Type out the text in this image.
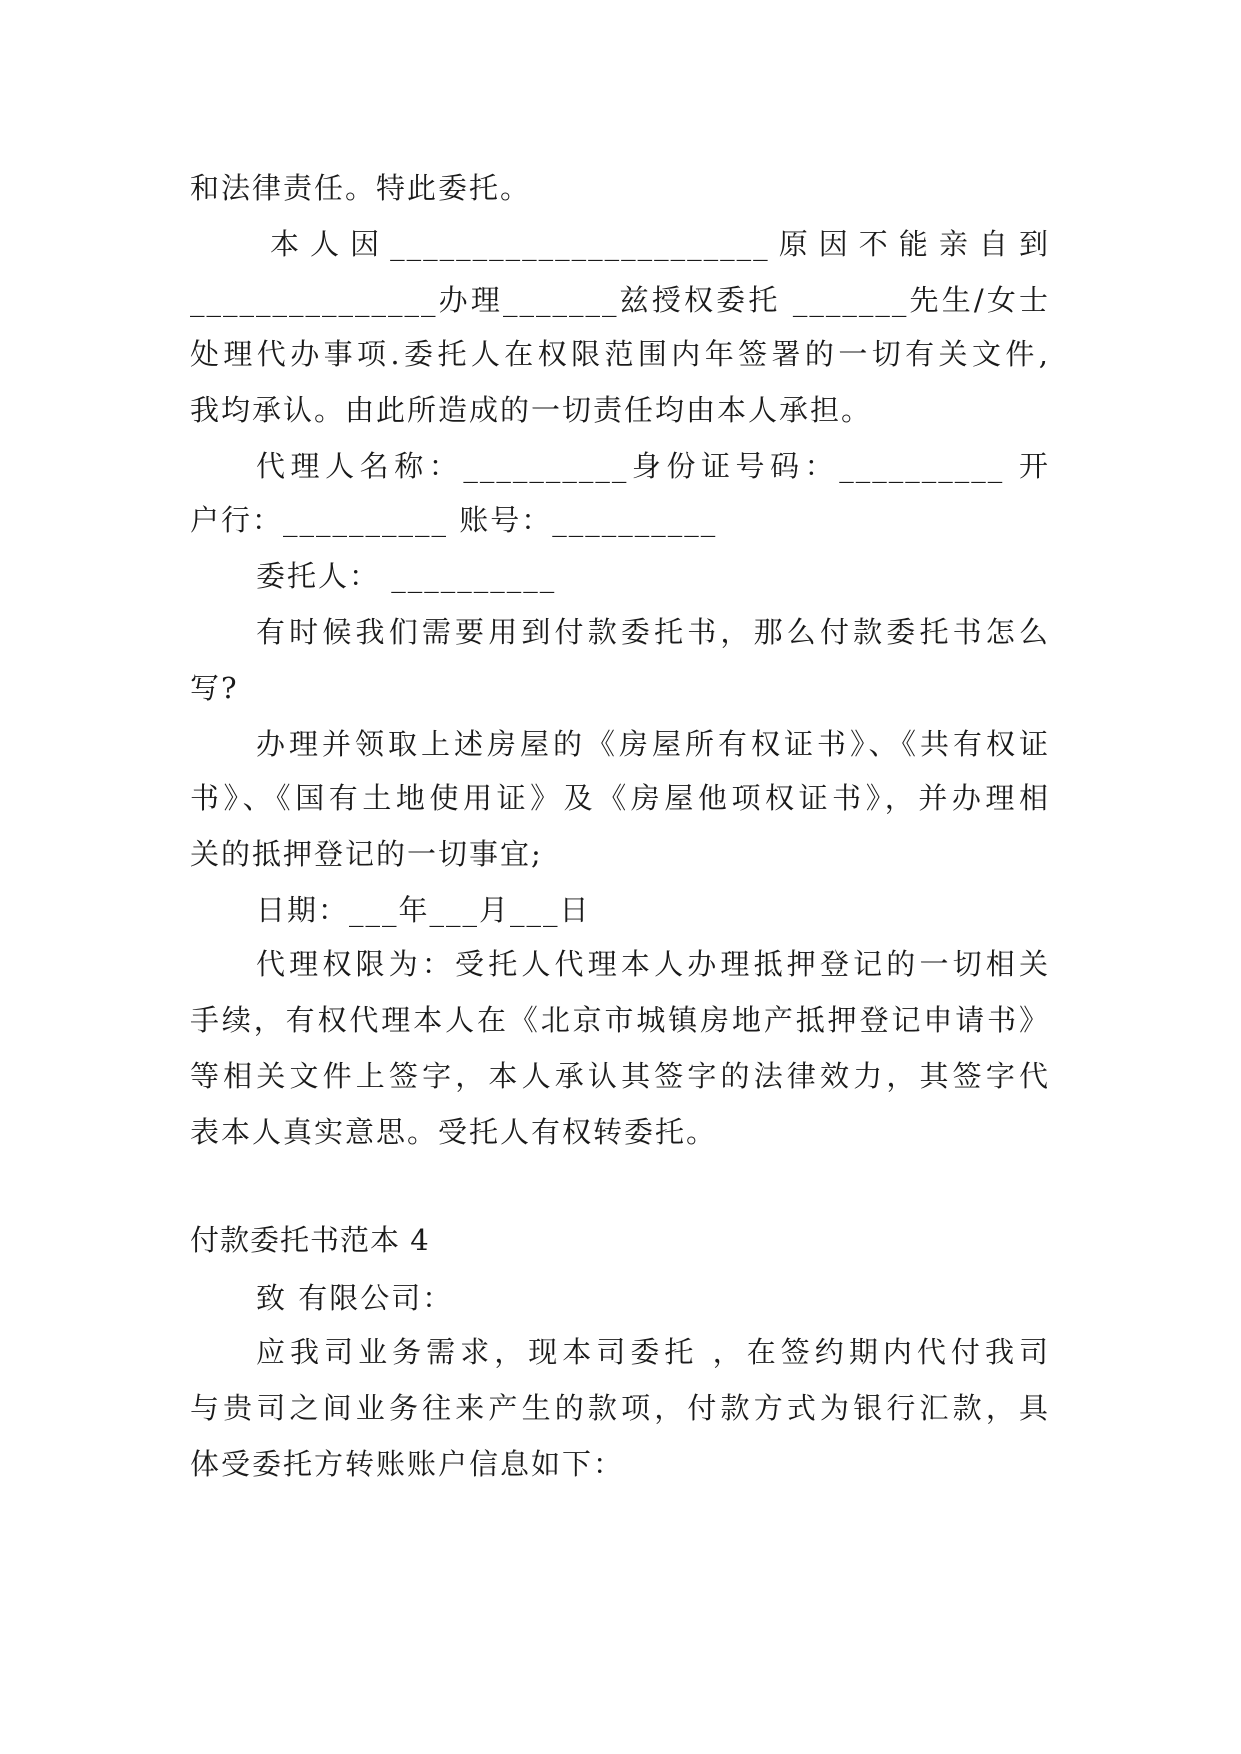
和法律责任。特此委托。
本人因_______________________原因不能亲自到
_______________办理_______兹授权委托 _______先生/女士
处理代办事项.委托人在权限范围内年签署的一切有关文件,
我均承认。由此所造成的一切责任均由本人承担。
代理人名称：__________身份证号码：__________ 开
户行：__________ 账号：__________
委托人： __________
有时候我们需要用到付款委托书，那么付款委托书怎么
写?
办理并领取上述房屋的《房屋所有权证书》、《共有权证
书》、《国有土地使用证》及《房屋他项权证书》，并办理相
关的抵押登记的一切事宜;
日期：___年___月___日
代理权限为：受托人代理本人办理抵押登记的一切相关
手续，有权代理本人在《北京市城镇房地产抵押登记申请书》
等相关文件上签字，本人承认其签字的法律效力，其签字代
表本人真实意思。受托人有权转委托。
付款委托书范本 4
致 有限公司：
应我司业务需求，现本司委托 ，在签约期内代付我司
与贵司之间业务往来产生的款项，付款方式为银行汇款，具
体受委托方转账账户信息如下：
